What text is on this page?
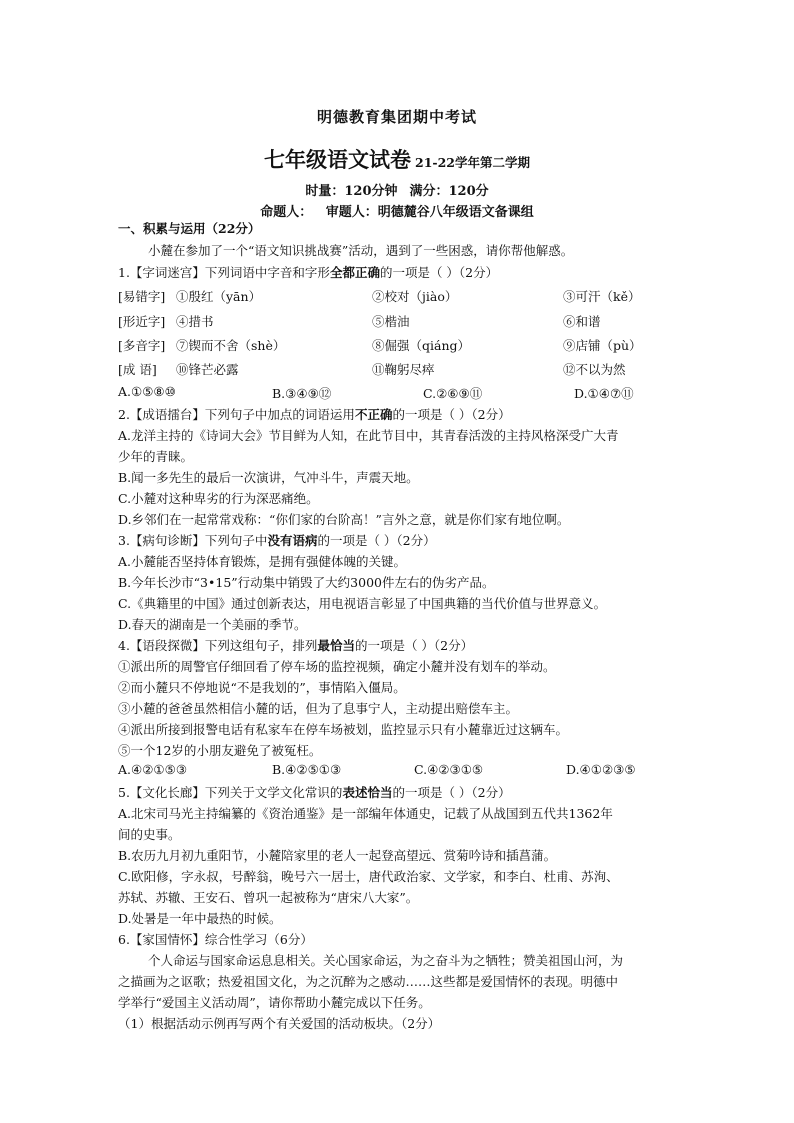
明德教育集团期中考试
七年级语文试卷 21-22学年第二学期
时量：120分钟 满分：120分
命题人： 审题人：明德麓谷八年级语文备课组
一、积累与运用（22分）
小麓在参加了一个“语文知识挑战赛”活动，遇到了一些困惑，请你帮他解惑。
1.【字词迷宫】下列词语中字音和字形全都正确的一项是（ ）（2分）
[易错字] ①殷红（yān）	②校对（jiào）	③可汗（kě）
[形近字] ④措书	⑤楷油	⑥和谱
[多音字] ⑦锲而不舍（shè）	⑧倔强（qiáng）	⑨店铺（pù）
[成 语] ⑩锋芒必露	⑪鞠躬尽瘁	⑫不以为然
A.①⑤⑧⑩	B.③④⑨⑫	C.②⑥⑨⑪	D.①④⑦⑪
2.【成语擂台】下列句子中加点的词语运用不正确的一项是（ ）（2分）
A.龙洋主持的《诗词大会》节目鲜为人知，在此节目中，其青春活泼的主持风格深受广大青
少年的青睐。
B.闻一多先生的最后一次演讲，气冲斗牛，声震天地。
C.小麓对这种卑劣的行为深恶痛绝。
D.乡邻们在一起常常戏称：“你们家的台阶高！”言外之意，就是你们家有地位啊。
3.【病句诊断】下列句子中没有语病的一项是（ ）（2分）
A.小麓能否坚持体育锻炼，是拥有强健体魄的关键。
B.今年长沙市“3•15”行动集中销毁了大约3000件左右的伪劣产品。
C.《典籍里的中国》通过创新表达，用电视语言彰显了中国典籍的当代价值与世界意义。
D.春天的湖南是一个美丽的季节。
4.【语段探微】下列这组句子，排列最恰当的一项是（ ）（2分）
①派出所的周警官仔细回看了停车场的监控视频，确定小麓并没有划车的举动。
②而小麓只不停地说“不是我划的”，事情陷入僵局。
③小麓的爸爸虽然相信小麓的话，但为了息事宁人，主动提出赔偿车主。
④派出所接到报警电话有私家车在停车场被划，监控显示只有小麓靠近过这辆车。
⑤一个12岁的小朋友避免了被冤枉。
A.④②①⑤③	B.④②⑤①③	C.④②③①⑤	D.④①②③⑤
5.【文化长廊】下列关于文学文化常识的表述恰当的一项是（ ）（2分）
A.北宋司马光主持编纂的《资治通鉴》是一部编年体通史，记载了从战国到五代共1362年
间的史事。
B.农历九月初九重阳节，小麓陪家里的老人一起登高望远、赏菊吟诗和插菖蒲。
C.欧阳修，字永叔，号醉翁，晚号六一居士，唐代政治家、文学家，和李白、杜甫、苏洵、
苏轼、苏辙、王安石、曾巩一起被称为“唐宋八大家”。
D.处暑是一年中最热的时候。
6.【家国情怀】综合性学习（6分）
个人命运与国家命运息息相关。关心国家命运，为之奋斗为之牺牲；赞美祖国山河，为
之描画为之讴歌；热爱祖国文化，为之沉醉为之感动……这些都是爱国情怀的表现。明德中
学举行“爱国主义活动周”，请你帮助小麓完成以下任务。
（1）根据活动示例再写两个有关爱国的活动板块。（2分）
